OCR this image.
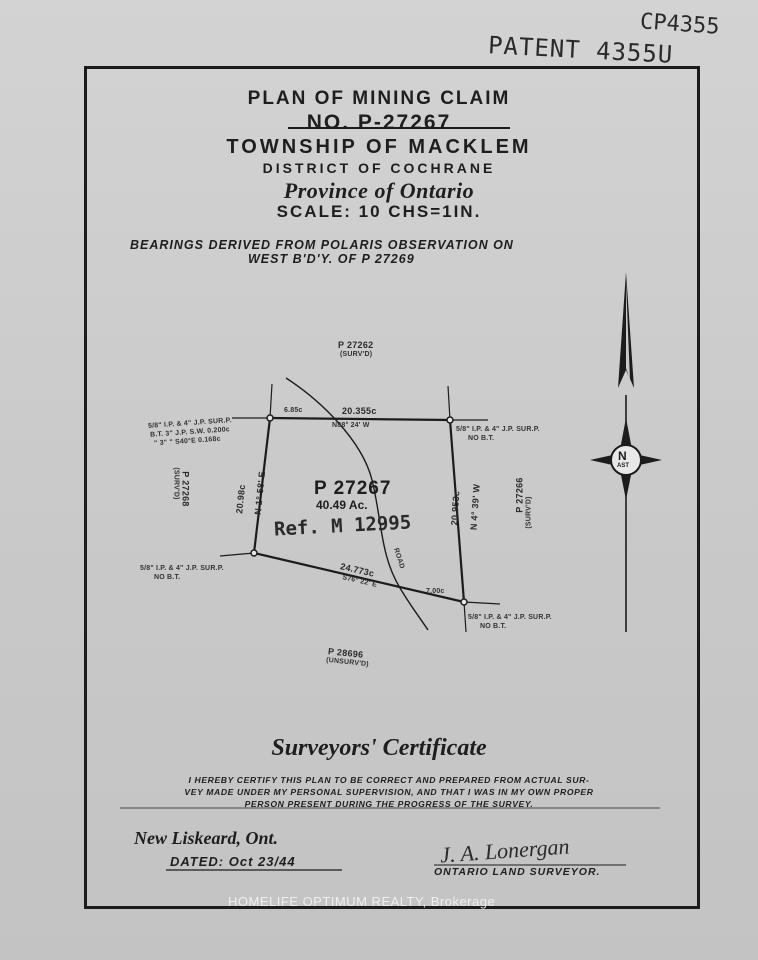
CP4355
PATENT 4355U
PLAN OF MINING CLAIM
NO. P-27267
TOWNSHIP OF MACKLEM
DISTRICT OF COCHRANE
Province of Ontario
SCALE: 10 CHS=1IN.
BEARINGS DERIVED FROM POLARIS OBSERVATION ON
WEST B'D'Y. OF P 27269
N
AST
P 27262
(SURV'D)
P 27266 (SURV'D)
P 27268
(SURV'D)
P 28696
(UNSURV'D)
P 27267
40.49 Ac.
Ref. M 12995
6.85c	20.355c
N88° 24' W
N 1° 58' E
20.98c	20.953c N 4° 39' W
24.773c
S76° 22' E
7.00c
ROAD
5/8" I.P. & 4" J.P. SUR.P.
B.T. 3" J.P. S.W. 0.200c
" 3" " S40°E 0.168c
5/8" I.P. & 4" J.P. SUR.P.
NO B.T.
5/8" I.P. & 4" J.P. SUR.P.
NO B.T.
5/8" I.P. & 4" J.P. SUR.P.
NO B.T.
Surveyors' Certificate
I HEREBY CERTIFY THIS PLAN TO BE CORRECT AND PREPARED FROM ACTUAL SUR-
VEY MADE UNDER MY PERSONAL SUPERVISION, AND THAT I WAS IN MY OWN PROPER
PERSON PRESENT DURING THE PROGRESS OF THE SURVEY.
New Liskeard, Ont.
DATED: Oct 23/44	J. A. Lonergan
ONTARIO LAND SURVEYOR.
HOMELIFE OPTIMUM REALTY, Brokerage
